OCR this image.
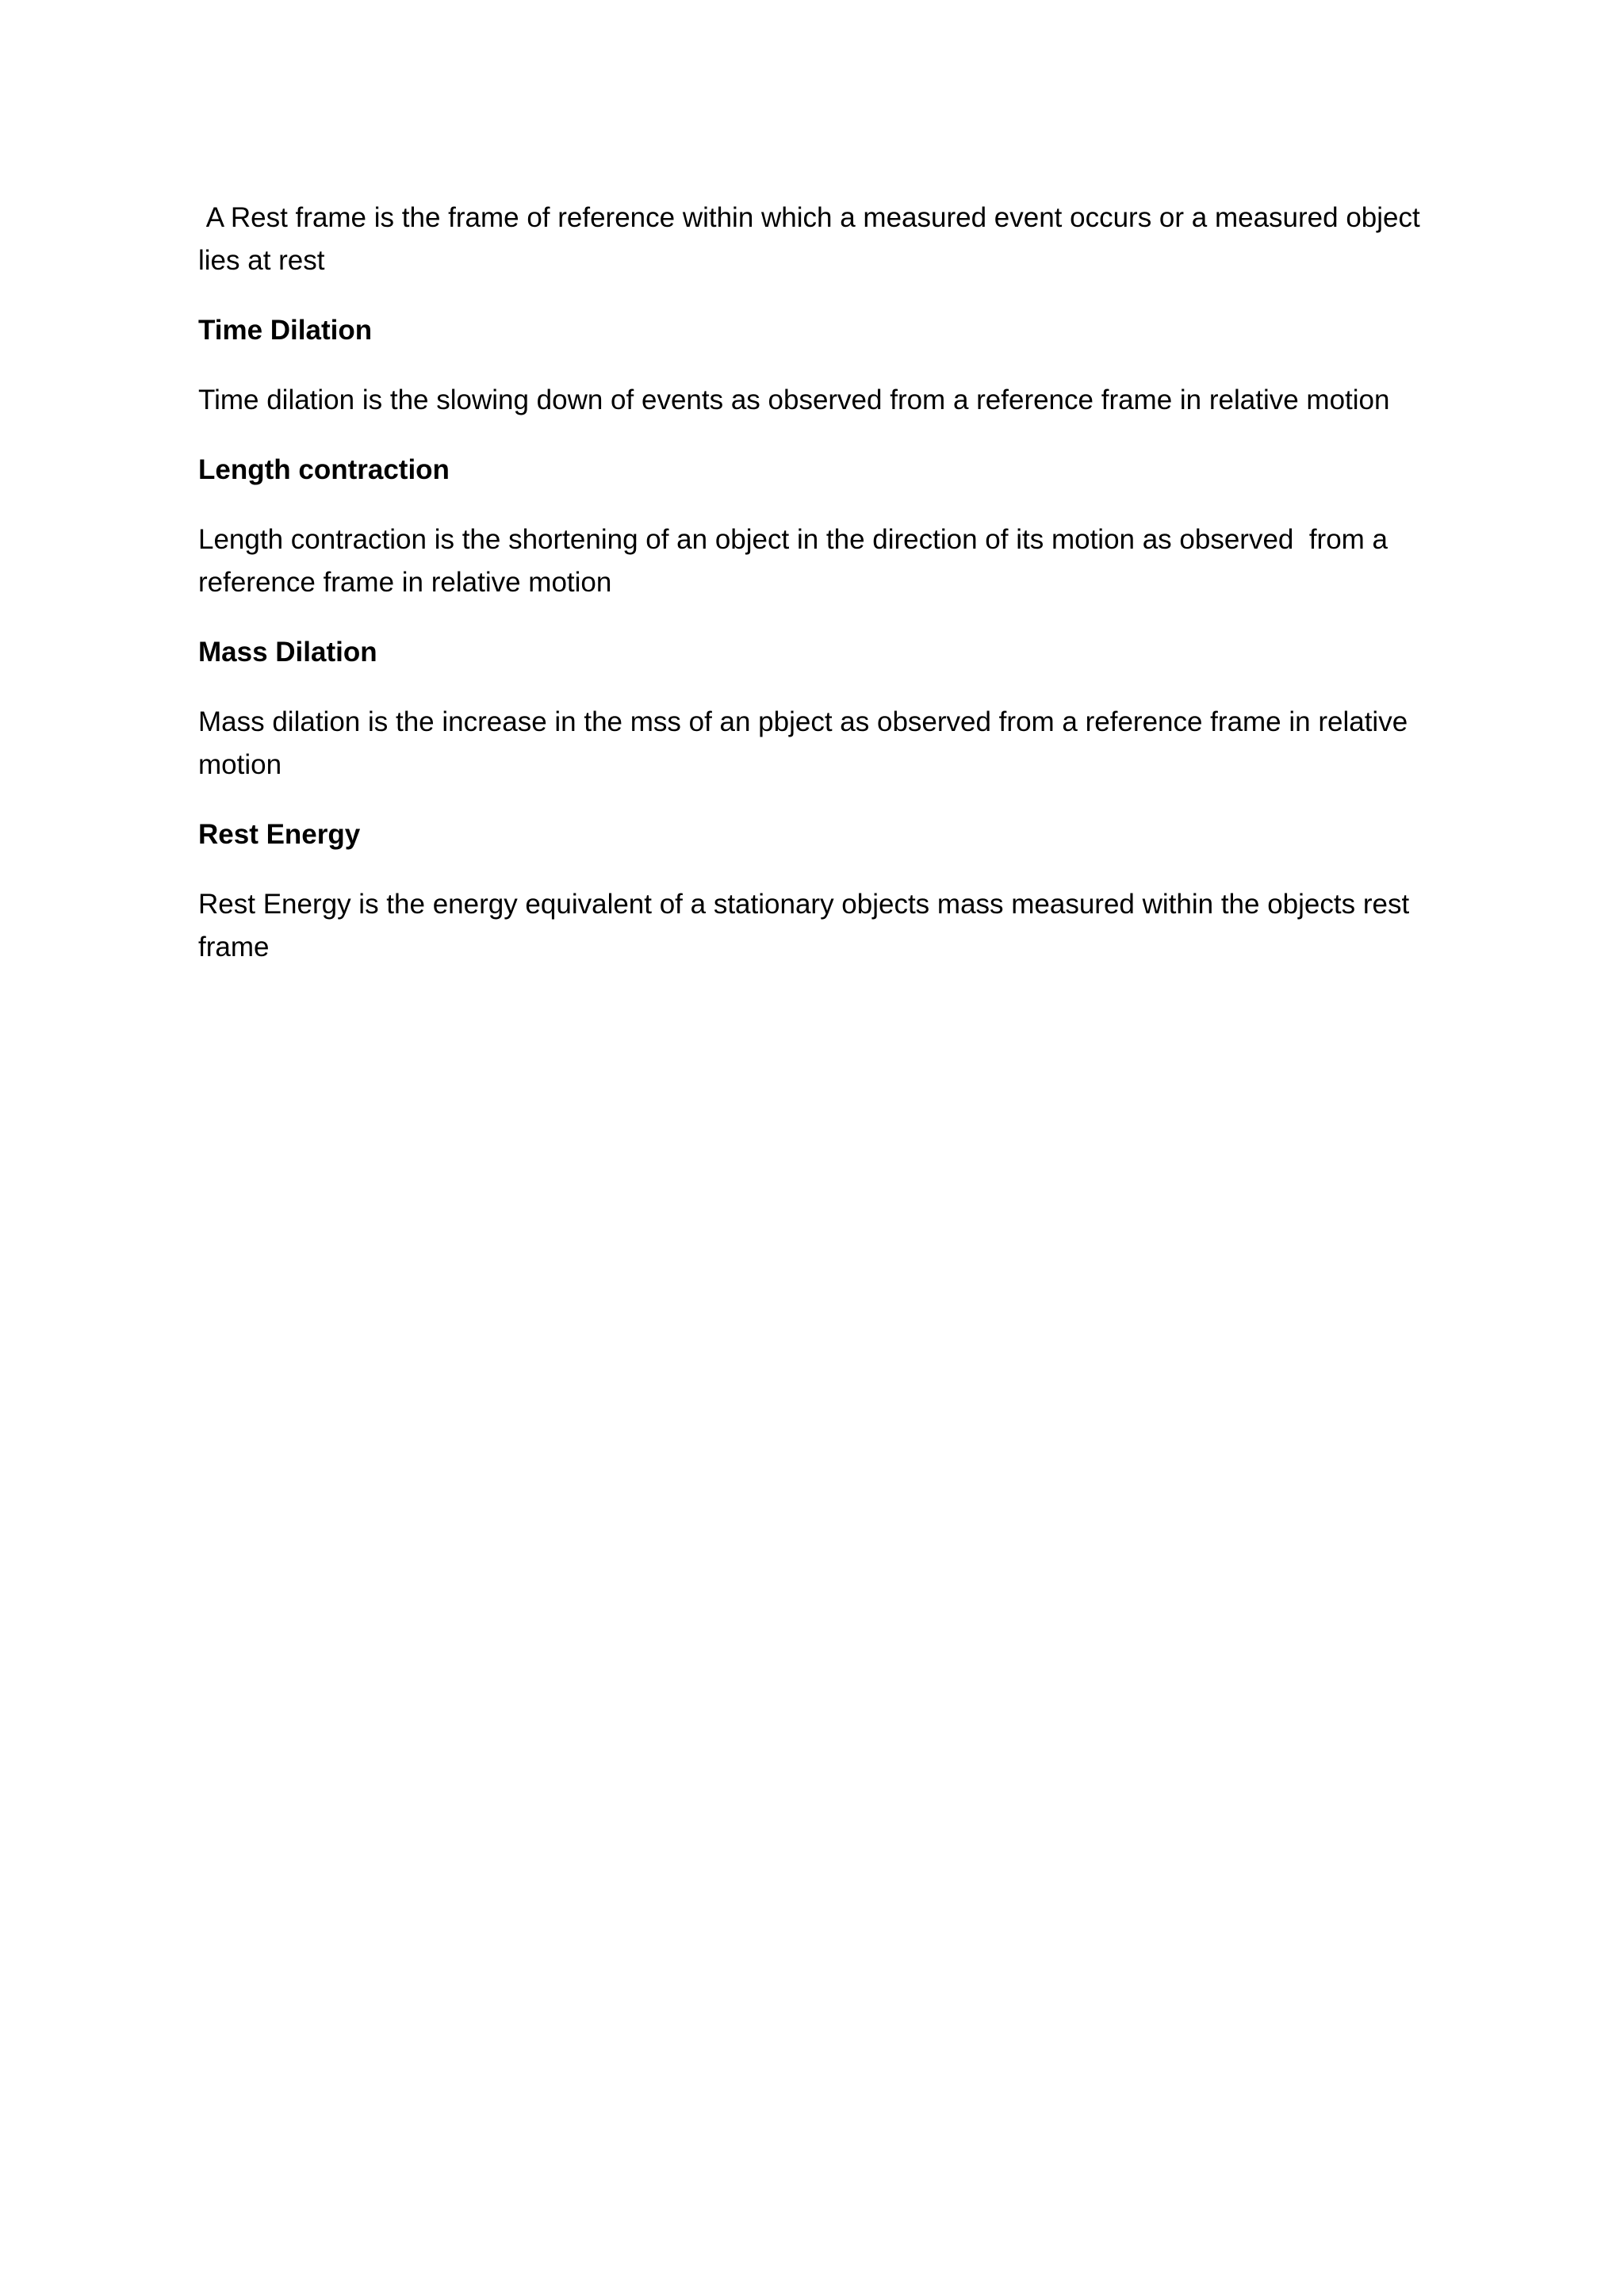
A Rest frame is the frame of reference within which a measured event occurs or a measured object lies at rest

Time Dilation

Time dilation is the slowing down of events as observed from a reference frame in relative motion

Length contraction

Length contraction is the shortening of an object in the direction of its motion as observed  from a reference frame in relative motion

Mass Dilation

Mass dilation is the increase in the mss of an pbject as observed from a reference frame in relative motion

Rest Energy

Rest Energy is the energy equivalent of a stationary objects mass measured within the objects rest frame
